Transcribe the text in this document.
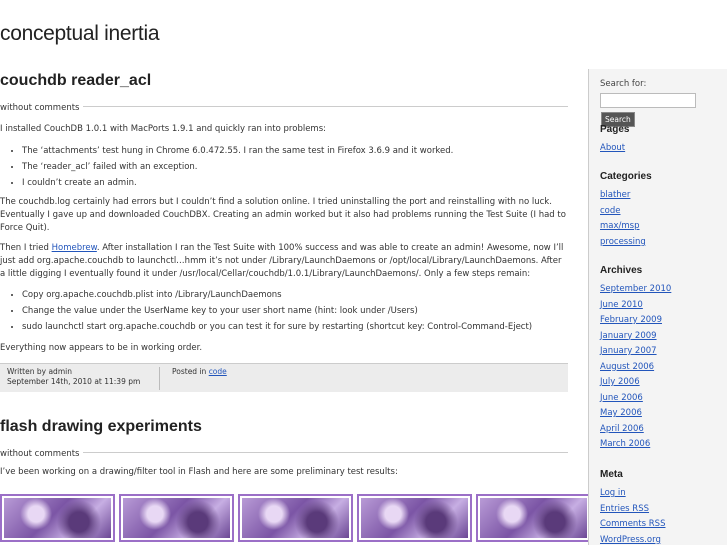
conceptual inertia
couchdb reader_acl
without comments

I installed CouchDB 1.0.1 with MacPorts 1.9.1 and quickly ran into problems:

• The ‘attachments’ test hung in Chrome 6.0.472.55. I ran the same test in Firefox 3.6.9 and it worked.
• The ‘reader_acl’ failed with an exception.
• I couldn’t create an admin.

The couchdb.log certainly had errors but I couldn’t find a solution online. I tried uninstalling the port and reinstalling with no luck. Eventually I gave up and downloaded CouchDBX. Creating an admin worked but it also had problems running the Test Suite (I had to Force Quit).

Then I tried Homebrew. After installation I ran the Test Suite with 100% success and was able to create an admin! Awesome, now I’ll just add org.apache.couchdb to launchctl…hmm it’s not under /Library/LaunchDaemons or /opt/local/Library/LaunchDaemons. After a little digging I eventually found it under /usr/local/Cellar/couchdb/1.0.1/Library/LaunchDaemons/. Only a few steps remain:

• Copy org.apache.couchdb.plist into /Library/LaunchDaemons
• Change the value under the UserName key to your user short name (hint: look under /Users)
• sudo launchctl start org.apache.couchdb or you can test it for sure by restarting (shortcut key: Control-Command-Eject)

Everything now appears to be in working order.

Written by admin
September 14th, 2010 at 11:39 pm
Posted in code
flash drawing experiments
without comments

I’ve been working on a drawing/filter tool in Flash and here are some preliminary test results:

Search for:
Search
Pages
About
Categories
blather
code
max/msp
processing
Archives
September 2010
June 2010
February 2009
January 2009
January 2007
August 2006
July 2006
June 2006
May 2006
April 2006
March 2006
Meta
Log in
Entries RSS
Comments RSS
WordPress.org
